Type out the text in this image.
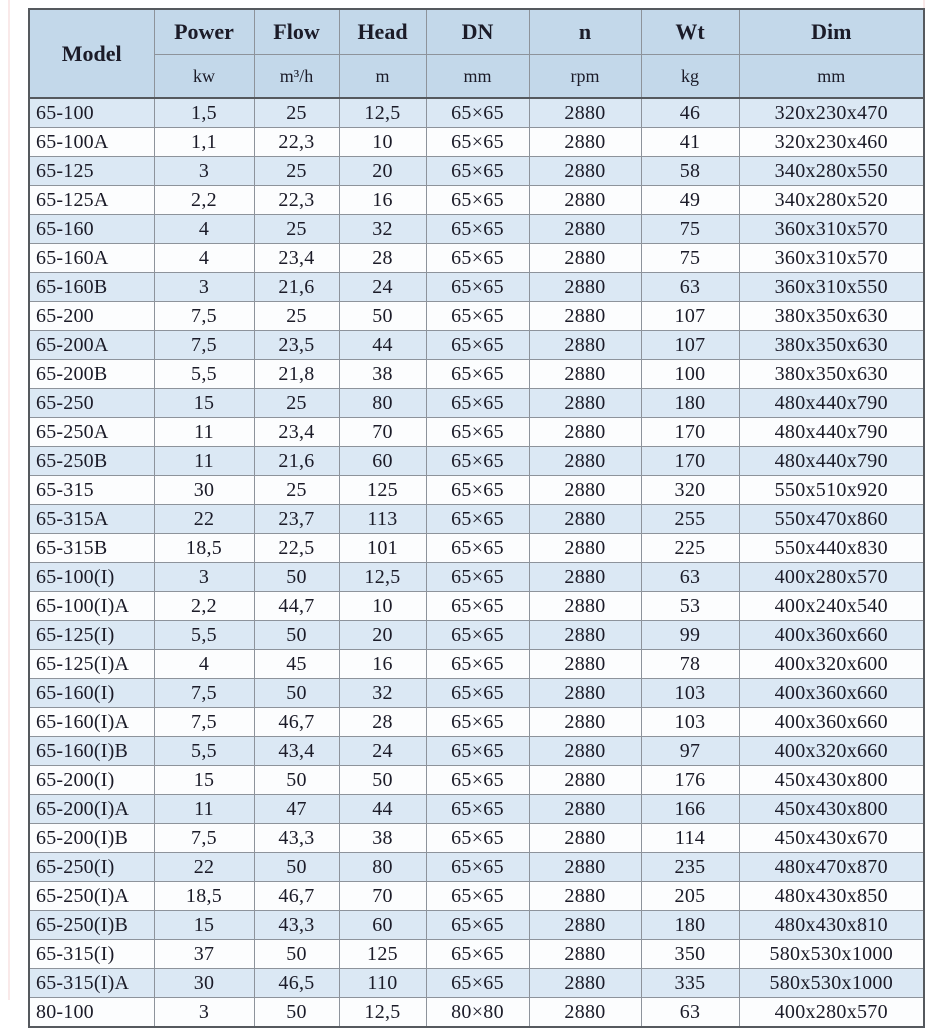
Model	Power	Flow	Head	DN	n	Wt	Dim
	kw	m³/h	m	mm	rpm	kg	mm
65-100	1,5	25	12,5	65×65	2880	46	320x230x470
65-100A	1,1	22,3	10	65×65	2880	41	320x230x460
65-125	3	25	20	65×65	2880	58	340x280x550
65-125A	2,2	22,3	16	65×65	2880	49	340x280x520
65-160	4	25	32	65×65	2880	75	360x310x570
65-160A	4	23,4	28	65×65	2880	75	360x310x570
65-160B	3	21,6	24	65×65	2880	63	360x310x550
65-200	7,5	25	50	65×65	2880	107	380x350x630
65-200A	7,5	23,5	44	65×65	2880	107	380x350x630
65-200B	5,5	21,8	38	65×65	2880	100	380x350x630
65-250	15	25	80	65×65	2880	180	480x440x790
65-250A	11	23,4	70	65×65	2880	170	480x440x790
65-250B	11	21,6	60	65×65	2880	170	480x440x790
65-315	30	25	125	65×65	2880	320	550x510x920
65-315A	22	23,7	113	65×65	2880	255	550x470x860
65-315B	18,5	22,5	101	65×65	2880	225	550x440x830
65-100(I)	3	50	12,5	65×65	2880	63	400x280x570
65-100(I)A	2,2	44,7	10	65×65	2880	53	400x240x540
65-125(I)	5,5	50	20	65×65	2880	99	400x360x660
65-125(I)A	4	45	16	65×65	2880	78	400x320x600
65-160(I)	7,5	50	32	65×65	2880	103	400x360x660
65-160(I)A	7,5	46,7	28	65×65	2880	103	400x360x660
65-160(I)B	5,5	43,4	24	65×65	2880	97	400x320x660
65-200(I)	15	50	50	65×65	2880	176	450x430x800
65-200(I)A	11	47	44	65×65	2880	166	450x430x800
65-200(I)B	7,5	43,3	38	65×65	2880	114	450x430x670
65-250(I)	22	50	80	65×65	2880	235	480x470x870
65-250(I)A	18,5	46,7	70	65×65	2880	205	480x430x850
65-250(I)B	15	43,3	60	65×65	2880	180	480x430x810
65-315(I)	37	50	125	65×65	2880	350	580x530x1000
65-315(I)A	30	46,5	110	65×65	2880	335	580x530x1000
80-100	3	50	12,5	80×80	2880	63	400x280x570
